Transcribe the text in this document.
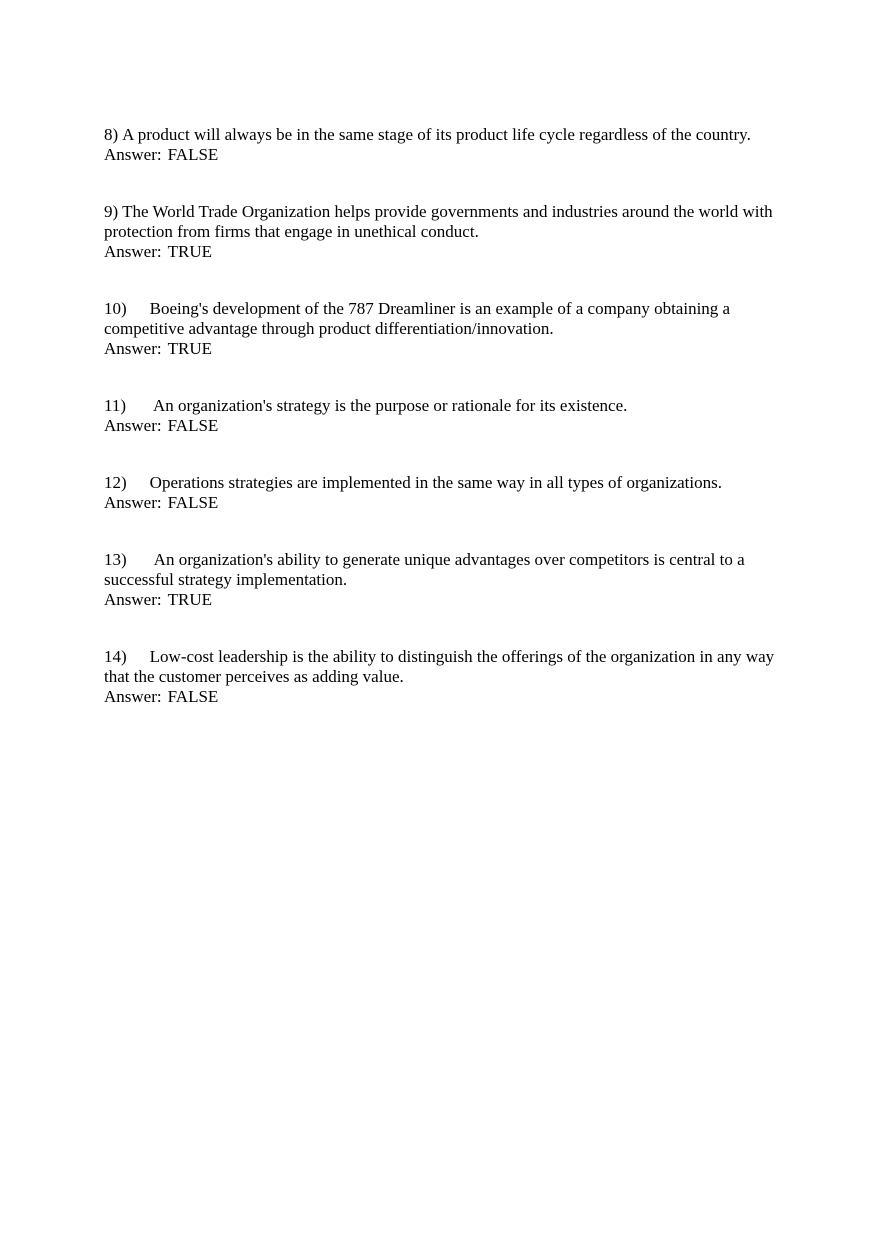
8) A product will always be in the same stage of its product life cycle regardless of the country.
Answer: FALSE
9) The World Trade Organization helps provide governments and industries around the world with protection from firms that engage in unethical conduct.
Answer: TRUE
10) Boeing's development of the 787 Dreamliner is an example of a company obtaining a competitive advantage through product differentiation/innovation.
Answer: TRUE
11) An organization's strategy is the purpose or rationale for its existence.
Answer: FALSE
12) Operations strategies are implemented in the same way in all types of organizations.
Answer: FALSE
13) An organization's ability to generate unique advantages over competitors is central to a successful strategy implementation.
Answer: TRUE
14) Low-cost leadership is the ability to distinguish the offerings of the organization in any way that the customer perceives as adding value.
Answer: FALSE
